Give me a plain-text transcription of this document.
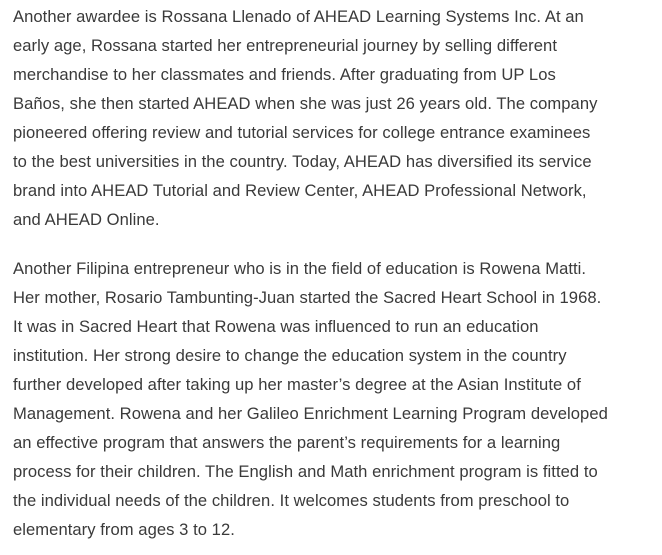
Another awardee is Rossana Llenado of AHEAD Learning Systems Inc. At an
early age, Rossana started her entrepreneurial journey by selling different
merchandise to her classmates and friends. After graduating from UP Los
Baños, she then started AHEAD when she was just 26 years old. The company
pioneered offering review and tutorial services for college entrance examinees
to the best universities in the country. Today, AHEAD has diversified its service
brand into AHEAD Tutorial and Review Center, AHEAD Professional Network,
and AHEAD Online.

Another Filipina entrepreneur who is in the field of education is Rowena Matti.
Her mother, Rosario Tambunting-Juan started the Sacred Heart School in 1968.
It was in Sacred Heart that Rowena was influenced to run an education
institution. Her strong desire to change the education system in the country
further developed after taking up her master’s degree at the Asian Institute of
Management. Rowena and her Galileo Enrichment Learning Program developed
an effective program that answers the parent’s requirements for a learning
process for their children. The English and Math enrichment program is fitted to
the individual needs of the children. It welcomes students from preschool to
elementary from ages 3 to 12.
